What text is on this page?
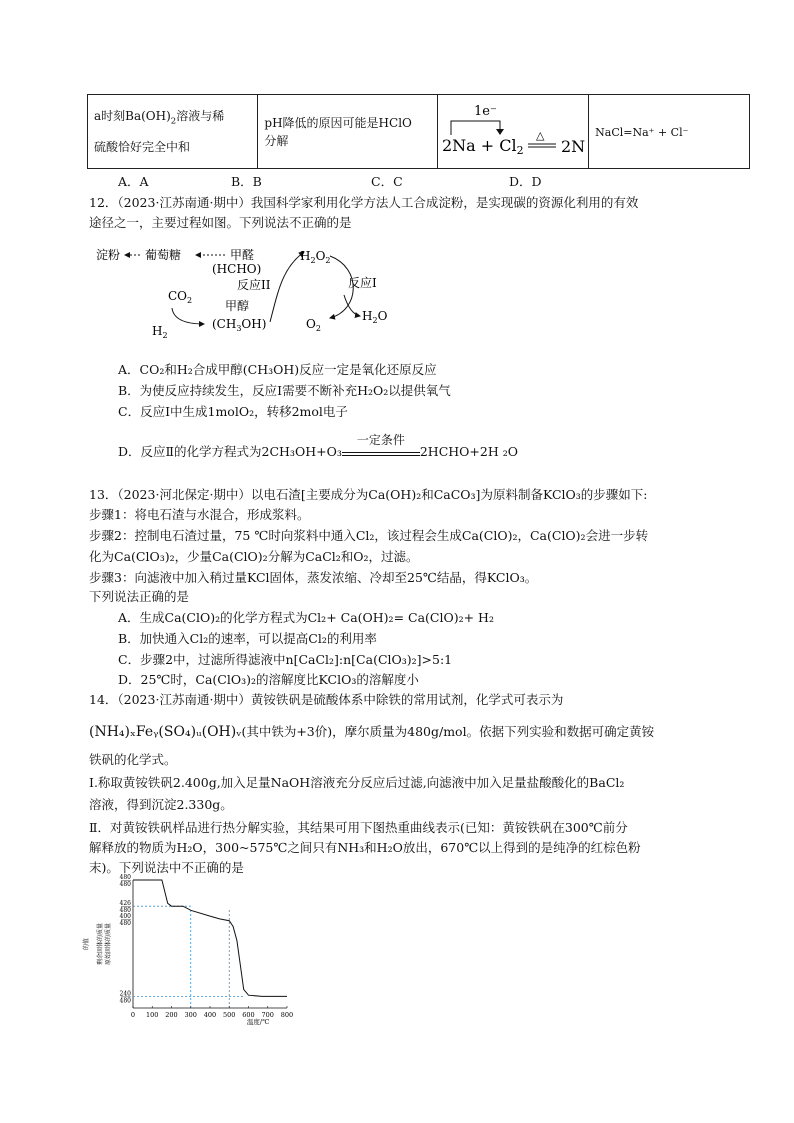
a时刻$Ba(OH)_2$溶液与稀
硫酸恰好完全中和

pH降低的原因可能是HClO
分解

1e⁻
2Na + Cl2
△
2N
	NaCl=Na⁺ + Cl⁻
A．A	B．B	C．C	D．D
12．（2023·江苏南通·期中）我国科学家利用化学方法人工合成淀粉，是实现碳的资源化利用的有效
途径之一，主要过程如图。下列说法不正确的是
淀粉 葡萄糖	甲醛
(HCHO)
反应II
$CO_2$	甲醇
$H_2$
$(CH_3OH)$
$H_2O_2$
反应I
$O_2$
$H_2O$
A．CO₂和H₂合成甲醇(CH₃OH)反应一定是氧化还原反应
B．为使反应持续发生，反应I需要不断补充H₂O₂以提供氧气
C．反应I中生成1molO₂，转移2mol电子
D．反应Ⅱ的化学方程式为2CH₃OH+O₃
一定条件
2HCHO+2H ₂O
13．（2023·河北保定·期中）以电石渣[主要成分为Ca(OH)₂和CaCO₃]为原料制备KClO₃的步骤如下:
步骤1：将电石渣与水混合，形成浆料。
步骤2：控制电石渣过量，75 ℃时向浆料中通入Cl₂，该过程会生成Ca(ClO)₂，Ca(ClO)₂会进一步转
化为Ca(ClO₃)₂，少量Ca(ClO)₂分解为CaCl₂和O₂，过滤。
步骤3：向滤液中加入稍过量KCl固体，蒸发浓缩、冷却至25℃结晶，得KClO₃。
下列说法正确的是
A．生成Ca(ClO)₂的化学方程式为Cl₂+ Ca(OH)₂= Ca(ClO)₂+ H₂
B．加快通入Cl₂的速率，可以提高Cl₂的利用率
C．步骤2中，过滤所得滤液中n[CaCl₂]:n[Ca(ClO₃)₂]>5:1
D．25℃时，Ca(ClO₃)₂的溶解度比KClO₃的溶解度小
14．（2023·江苏南通·期中）黄铵铁矾是硫酸体系中除铁的常用试剂，化学式可表示为
(NH₄)ₓFeᵧ(SO₄)ᵤ(OH)ᵥ(其中铁为+3价)，摩尔质量为480g/mol。依据下列实验和数据可确定黄铵
铁矾的化学式。
Ⅰ.称取黄铵铁矾2.400g,加入足量NaOH溶液充分反应后过滤,向滤液中加入足量盐酸酸化的BaCl₂
溶液，得到沉淀2.330g。
Ⅱ．对黄铵铁矾样品进行热分解实验，其结果可用下图热重曲线表示(已知：黄铵铁矾在300℃前分
解释放的物质为H₂O，300~575℃之间只有NH₃和H₂O放出，670℃以上得到的是纯净的红棕色粉
末)。下列说法中不正确的是
0 100 200 300 400 500 600 700 800
温度/℃
480
480
426
480
400
480
240
480
剩余固体的质量 原始固体的质量
的值
